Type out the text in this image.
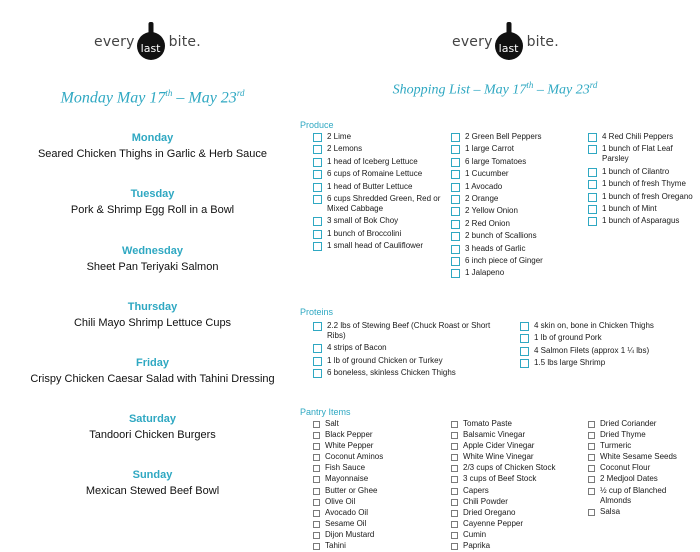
every last bite.	every last bite.
Monday May 17th – May 23rd	Shopping List – May 17th – May 23rd
Monday
Seared Chicken Thighs in Garlic & Herb Sauce
Tuesday
Pork & Shrimp Egg Roll in a Bowl
Wednesday
Sheet Pan Teriyaki Salmon
Thursday
Chili Mayo Shrimp Lettuce Cups
Friday
Crispy Chicken Caesar Salad with Tahini Dressing
Saturday
Tandoori Chicken Burgers
Sunday
Mexican Stewed Beef Bowl
Produce
2 Lime
2 Lemons
1 head of Iceberg Lettuce
6 cups of Romaine Lettuce
1 head of Butter Lettuce
6 cups Shredded Green, Red or Mixed Cabbage
3 small of Bok Choy
1 bunch of Broccolini
1 small head of Cauliflower
2 Green Bell Peppers
1 large Carrot
6 large Tomatoes
1 Cucumber
1 Avocado
2 Orange
2 Yellow Onion
2 Red Onion
2 bunch of Scallions
3 heads of Garlic
6 inch piece of Ginger
1 Jalapeno
4 Red Chili Peppers
1 bunch of Flat Leaf Parsley
1 bunch of Cilantro
1 bunch of fresh Thyme
1 bunch of fresh Oregano
1 bunch of Mint
1 bunch of Asparagus
Proteins
2.2 lbs of Stewing Beef (Chuck Roast or Short Ribs)
4 strips of Bacon
1 lb of ground Chicken or Turkey
6 boneless, skinless Chicken Thighs
4 skin on, bone in Chicken Thighs
1 lb of ground Pork
4 Salmon Filets (approx 1 ¼ lbs)
1.5 lbs large Shrimp
Pantry Items
Salt
Black Pepper
White Pepper
Coconut Aminos
Fish Sauce
Mayonnaise
Butter or Ghee
Olive Oil
Avocado Oil
Sesame Oil
Dijon Mustard
Tahini
Tomato Paste
Balsamic Vinegar
Apple Cider Vinegar
White Wine Vinegar
2/3 cups of Chicken Stock
3 cups of Beef Stock
Capers
Chili Powder
Dried Oregano
Cayenne Pepper
Cumin
Paprika
Dried Coriander
Dried Thyme
Turmeric
White Sesame Seeds
Coconut Flour
2 Medjool Dates
½ cup of Blanched Almonds
Salsa
